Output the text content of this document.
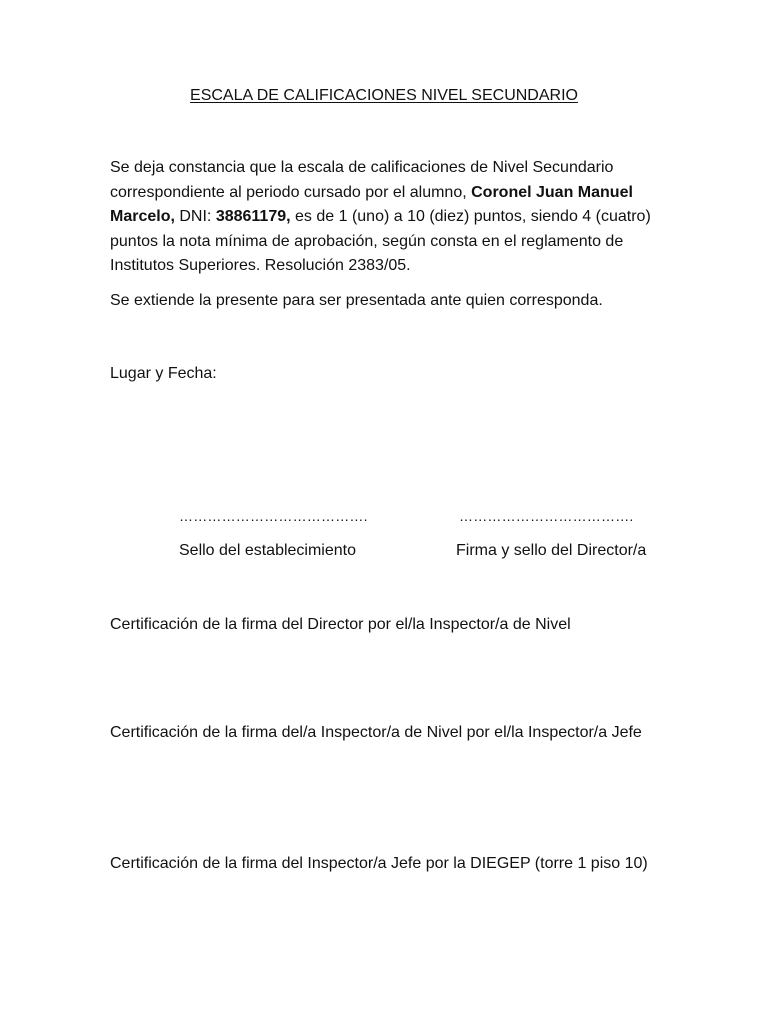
ESCALA DE CALIFICACIONES NIVEL SECUNDARIO
Se deja constancia que la escala de calificaciones de Nivel Secundario correspondiente al periodo cursado por el alumno, Coronel Juan Manuel Marcelo, DNI: 38861179, es de 1 (uno) a 10 (diez) puntos, siendo 4 (cuatro) puntos la nota mínima de aprobación, según consta en el reglamento de Institutos Superiores. Resolución 2383/05.
Se extiende la presente para ser presentada ante quien corresponda.
Lugar y Fecha:
………………………………….	……………………………….
Sello del establecimiento	Firma y sello del Director/a
Certificación de la firma del Director por el/la Inspector/a de Nivel
Certificación de la firma del/a Inspector/a de Nivel por el/la Inspector/a Jefe
Certificación de la firma del Inspector/a Jefe por la DIEGEP (torre 1 piso 10)
